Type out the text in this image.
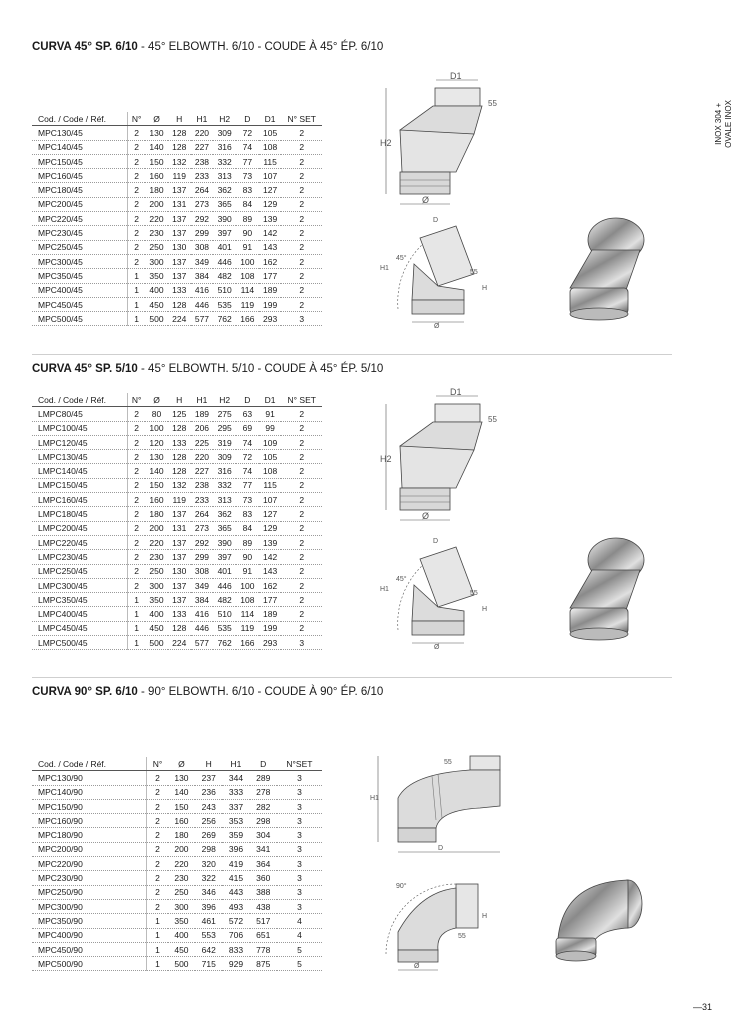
INOX 304 +
OVALE INOX
CURVA 45° SP. 6/10 - 45° ELBOWTH. 6/10 - COUDE À 45° ÉP. 6/10
Cod. / Code / Réf.	N°	Ø	H	H1	H2	D	D1	N° SET
MPC130/45	2	130	128	220	309	72	105	2
MPC140/45	2	140	128	227	316	74	108	2
MPC150/45	2	150	132	238	332	77	115	2
MPC160/45	2	160	119	233	313	73	107	2
MPC180/45	2	180	137	264	362	83	127	2
MPC200/45	2	200	131	273	365	84	129	2
MPC220/45	2	220	137	292	390	89	139	2
MPC230/45	2	230	137	299	397	90	142	2
MPC250/45	2	250	130	308	401	91	143	2
MPC300/45	2	300	137	349	446	100	162	2
MPC350/45	1	350	137	384	482	108	177	2
MPC400/45	1	400	133	416	510	114	189	2
MPC450/45	1	450	128	446	535	119	199	2
MPC500/45	1	500	224	577	762	166	293	3
D1
55
H2
Ø
45°
H1
D
55
H
Ø
CURVA 45° SP. 5/10 - 45° ELBOWTH. 5/10 - COUDE À 45° ÉP. 5/10
Cod. / Code / Réf.	N°	Ø	H	H1	H2	D	D1	N° SET
LMPC80/45	2	80	125	189	275	63	91	2
LMPC100/45	2	100	128	206	295	69	99	2
LMPC120/45	2	120	133	225	319	74	109	2
LMPC130/45	2	130	128	220	309	72	105	2
LMPC140/45	2	140	128	227	316	74	108	2
LMPC150/45	2	150	132	238	332	77	115	2
LMPC160/45	2	160	119	233	313	73	107	2
LMPC180/45	2	180	137	264	362	83	127	2
LMPC200/45	2	200	131	273	365	84	129	2
LMPC220/45	2	220	137	292	390	89	139	2
LMPC230/45	2	230	137	299	397	90	142	2
LMPC250/45	2	250	130	308	401	91	143	2
LMPC300/45	2	300	137	349	446	100	162	2
LMPC350/45	1	350	137	384	482	108	177	2
LMPC400/45	1	400	133	416	510	114	189	2
LMPC450/45	1	450	128	446	535	119	199	2
LMPC500/45	1	500	224	577	762	166	293	3
D1
55
H2
Ø
45°
H1
D
55
H
Ø
CURVA 90° SP. 6/10 - 90° ELBOWTH. 6/10 - COUDE À 90° ÉP. 6/10
Cod. / Code / Réf.	N°	Ø	H	H1	D	N°SET
MPC130/90	2	130	237	344	289	3
MPC140/90	2	140	236	333	278	3
MPC150/90	2	150	243	337	282	3
MPC160/90	2	160	256	353	298	3
MPC180/90	2	180	269	359	304	3
MPC200/90	2	200	298	396	341	3
MPC220/90	2	220	320	419	364	3
MPC230/90	2	230	322	415	360	3
MPC250/90	2	250	346	443	388	3
MPC300/90	2	300	396	493	438	3
MPC350/90	1	350	461	572	517	4
MPC400/90	1	400	553	706	651	4
MPC450/90	1	450	642	833	778	5
MPC500/90	1	500	715	929	875	5
55
H1
D
90°
55
H
Ø
—31
